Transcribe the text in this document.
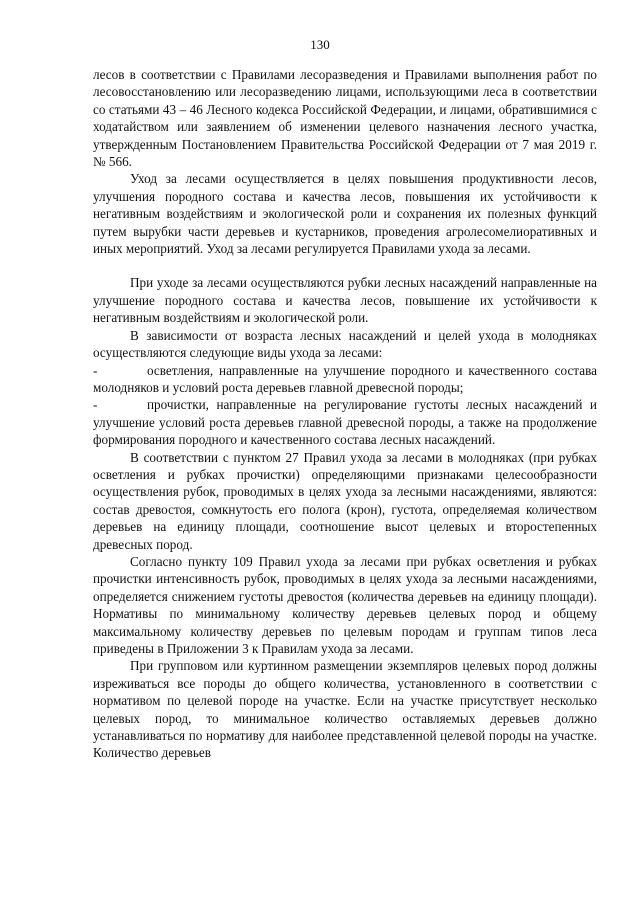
130

лесов в соответствии с Правилами лесоразведения и Правилами выполнения работ по лесовосстановлению или лесоразведению лицами, использующими леса в соответствии со статьями 43 – 46 Лесного кодекса Российской Федерации, и лицами, обратившимися с ходатайством или заявлением об изменении целевого назначения лесного участка, утвержденным Постановлением Правительства Российской Федерации от 7 мая 2019 г. № 566.

Уход за лесами осуществляется в целях повышения продуктивности лесов, улучшения породного состава и качества лесов, повышения их устойчивости к негативным воздействиям и экологической роли и сохранения их полезных функций путем вырубки части деревьев и кустарников, проведения агролесомелиоративных и иных мероприятий. Уход за лесами регулируется Правилами ухода за лесами.

При уходе за лесами осуществляются рубки лесных насаждений направленные на улучшение породного состава и качества лесов, повышение их устойчивости к негативным воздействиям и экологической роли.

В зависимости от возраста лесных насаждений и целей ухода в молодняках осуществляются следующие виды ухода за лесами:

-	осветления, направленные на улучшение породного и качественного состава молодняков и условий роста деревьев главной древесной породы;

-	прочистки, направленные на регулирование густоты лесных насаждений и улучшение условий роста деревьев главной древесной породы, а также на продолжение формирования породного и качественного состава лесных насаждений.

В соответствии с пунктом 27 Правил ухода за лесами в молодняках (при рубках осветления и рубках прочистки) определяющими признаками целесообразности осуществления рубок, проводимых в целях ухода за лесными насаждениями, являются: состав древостоя, сомкнутость его полога (крон), густота, определяемая количеством деревьев на единицу площади, соотношение высот целевых и второстепенных древесных пород.

Согласно пункту 109 Правил ухода за лесами при рубках осветления и рубках прочистки интенсивность рубок, проводимых в целях ухода за лесными насаждениями, определяется снижением густоты древостоя (количества деревьев на единицу площади). Нормативы по минимальному количеству деревьев целевых пород и общему максимальному количеству деревьев по целевым породам и группам типов леса приведены в Приложении 3 к Правилам ухода за лесами.

При групповом или куртинном размещении экземпляров целевых пород должны изреживаться все породы до общего количества, установленного в соответствии с нормативом по целевой породе на участке. Если на участке присутствует несколько целевых пород, то минимальное количество оставляемых деревьев должно устанавливаться по нормативу для наиболее представленной целевой породы на участке. Количество деревьев
